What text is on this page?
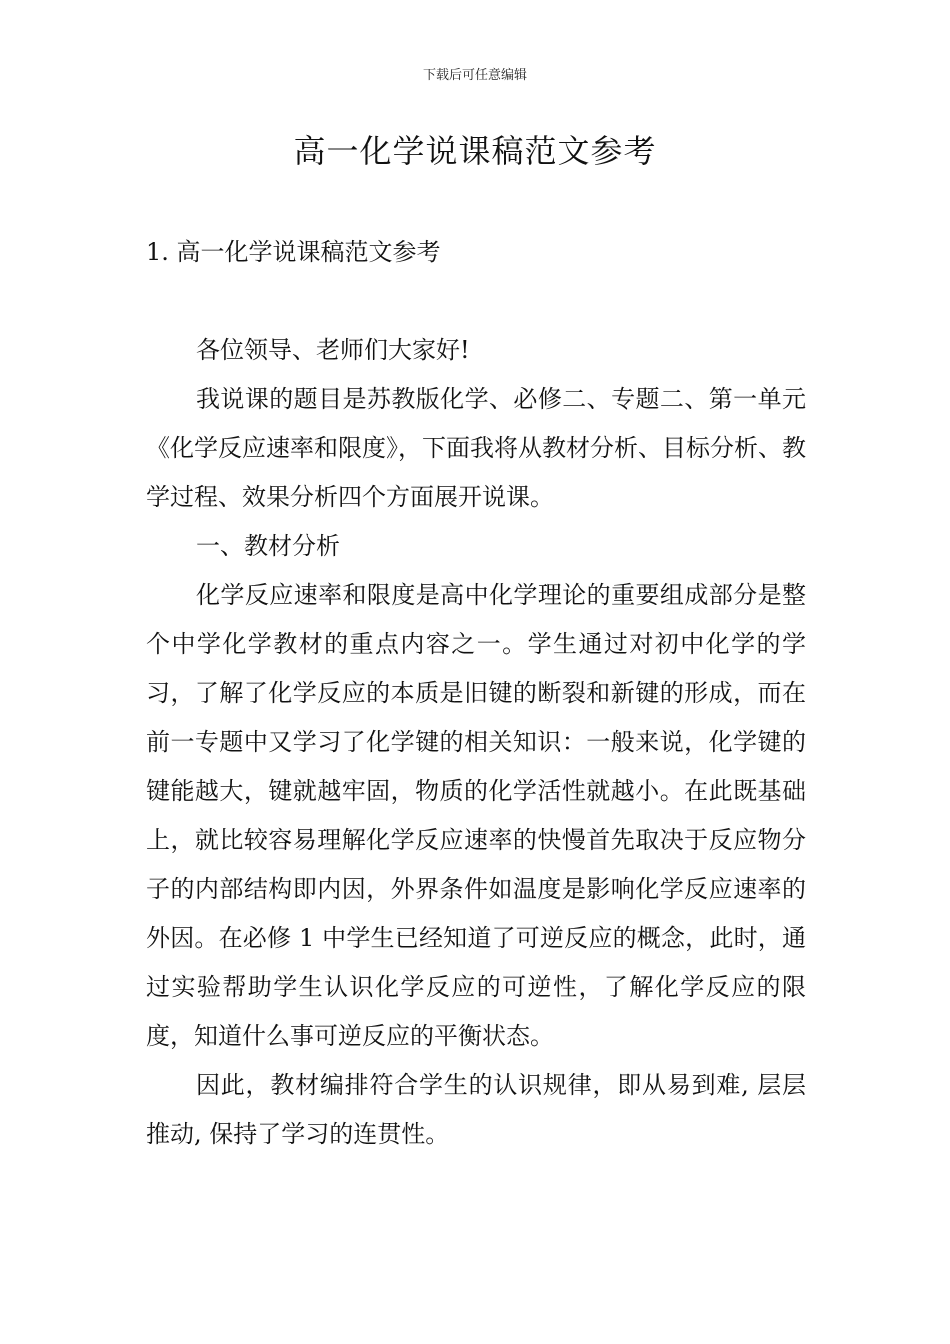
下载后可任意编辑
高一化学说课稿范文参考
1. 高一化学说课稿范文参考

各位领导、老师们大家好!

我说课的题目是苏教版化学、必修二、专题二、第一单元《化学反应速率和限度》，下面我将从教材分析、目标分析、教学过程、效果分析四个方面展开说课。

一、教材分析

化学反应速率和限度是高中化学理论的重要组成部分是整个中学化学教材的重点内容之一。学生通过对初中化学的学习，了解了化学反应的本质是旧键的断裂和新键的形成，而在前一专题中又学习了化学键的相关知识：一般来说，化学键的键能越大，键就越牢固，物质的化学活性就越小。在此既基础上，就比较容易理解化学反应速率的快慢首先取决于反应物分子的内部结构即内因，外界条件如温度是影响化学反应速率的外因。在必修 1 中学生已经知道了可逆反应的概念，此时，通过实验帮助学生认识化学反应的可逆性，了解化学反应的限度，知道什么事可逆反应的平衡状态。

因此，教材编排符合学生的认识规律，即从易到难, 层层推动, 保持了学习的连贯性。
